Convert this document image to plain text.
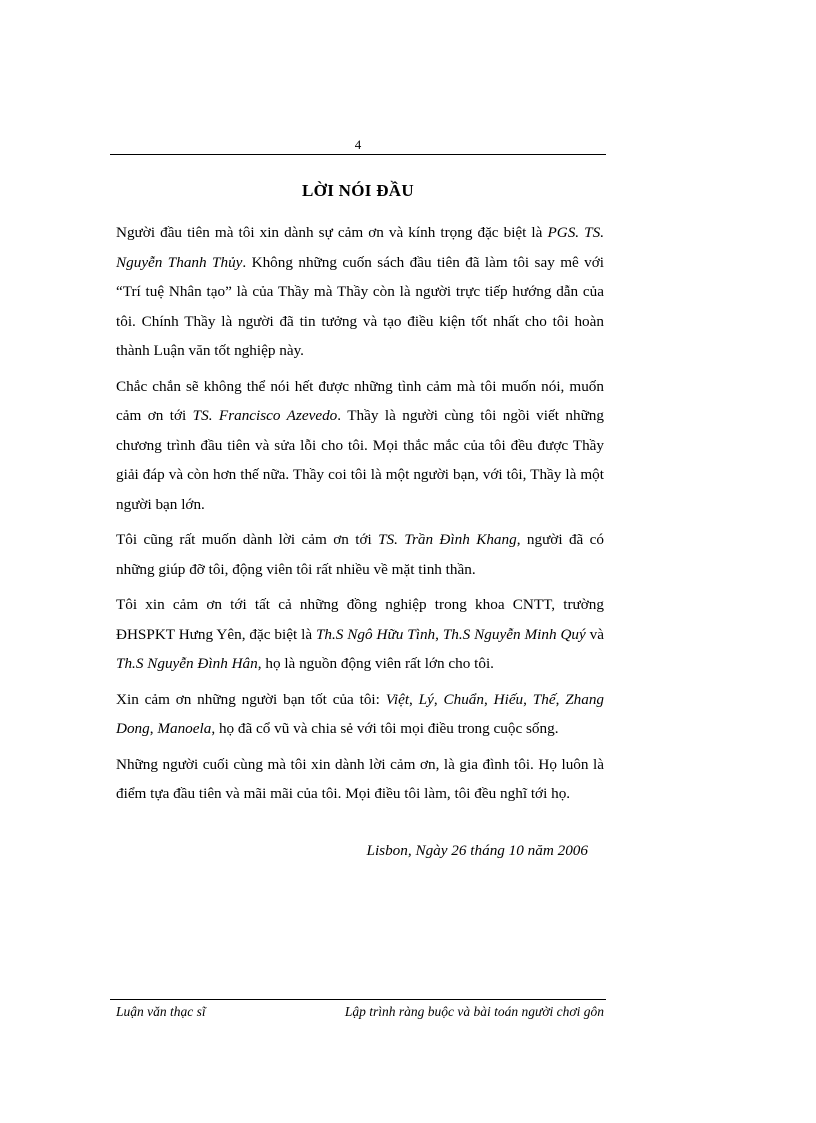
4
LỜI NÓI ĐẦU

Người đầu tiên mà tôi xin dành sự cảm ơn và kính trọng đặc biệt là PGS. TS. Nguyễn Thanh Thủy. Không những cuốn sách đầu tiên đã làm tôi say mê với “Trí tuệ Nhân tạo” là của Thầy mà Thầy còn là người trực tiếp hướng dẫn của tôi. Chính Thầy là người đã tin tưởng và tạo điều kiện tốt nhất cho tôi hoàn thành Luận văn tốt nghiệp này.

Chắc chắn sẽ không thể nói hết được những tình cảm mà tôi muốn nói, muốn cảm ơn tới TS. Francisco Azevedo. Thầy là người cùng tôi ngồi viết những chương trình đầu tiên và sửa lỗi cho tôi. Mọi thắc mắc của tôi đều được Thầy giải đáp và còn hơn thế nữa. Thầy coi tôi là một người bạn, với tôi, Thầy là một người bạn lớn.

Tôi cũng rất muốn dành lời cảm ơn tới TS. Trần Đình Khang, người đã có những giúp đỡ tôi, động viên tôi rất nhiều về mặt tinh thần.

Tôi xin cảm ơn tới tất cả những đồng nghiệp trong khoa CNTT, trường ĐHSPKT Hưng Yên, đặc biệt là Th.S Ngô Hữu Tình, Th.S Nguyễn Minh Quý và Th.S Nguyễn Đình Hân, họ là nguồn động viên rất lớn cho tôi.

Xin cảm ơn những người bạn tốt của tôi: Việt, Lý, Chuẩn, Hiếu, Thế, Zhang Dong, Manoela, họ đã cổ vũ và chia sẻ với tôi mọi điều trong cuộc sống.

Những người cuối cùng mà tôi xin dành lời cảm ơn, là gia đình tôi. Họ luôn là điểm tựa đầu tiên và mãi mãi của tôi. Mọi điều tôi làm, tôi đều nghĩ tới họ.

Lisbon, Ngày 26 tháng 10 năm 2006
Luận văn thạc sĩ	Lập trình ràng buộc và bài toán người chơi gôn
